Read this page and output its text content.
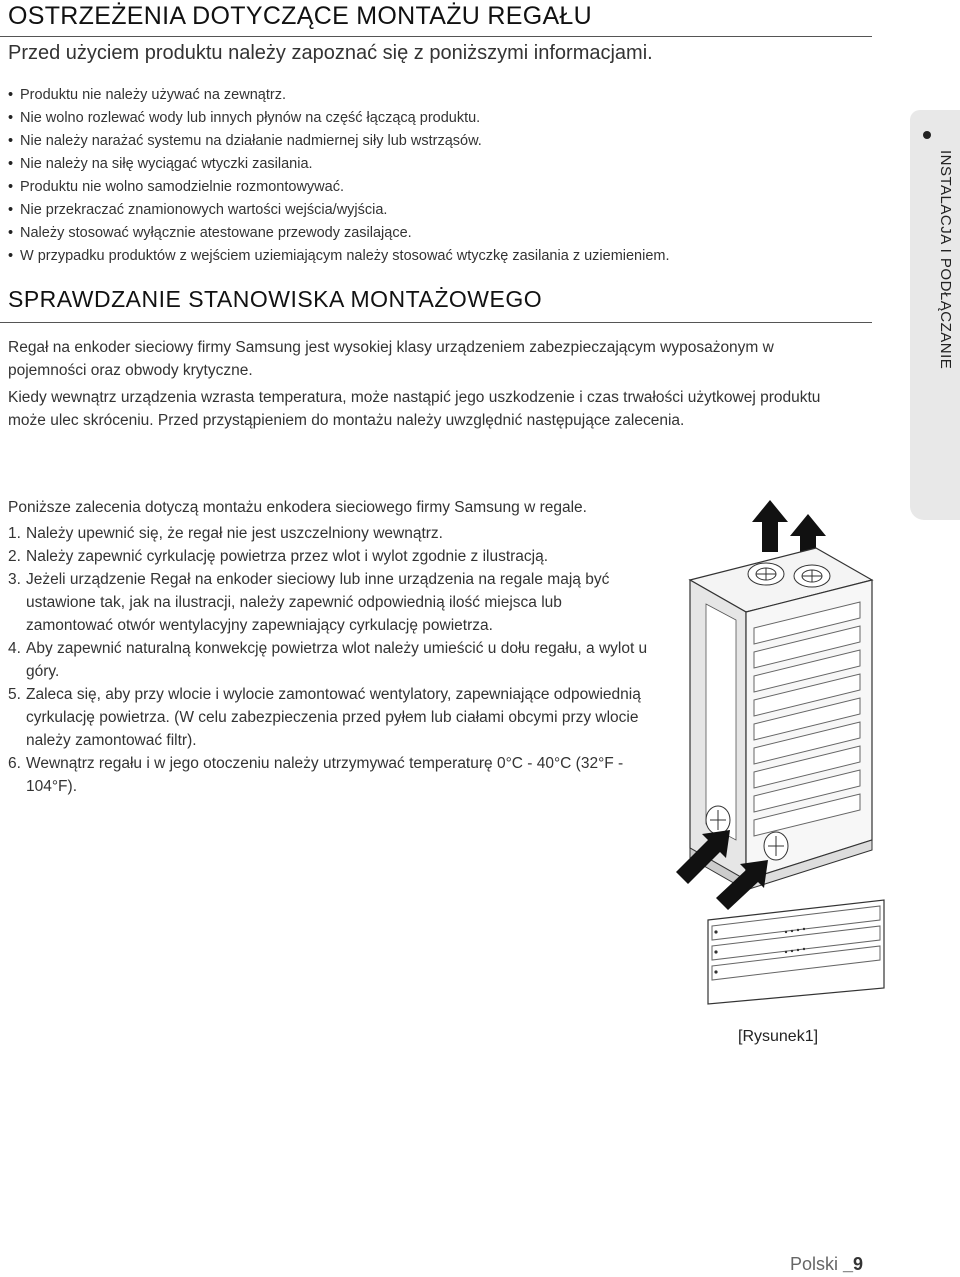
OSTRZEŻENIA DOTYCZĄCE MONTAŻU REGAŁU

Przed użyciem produktu należy zapoznać się z poniższymi informacjami.

• Produktu nie należy używać na zewnątrz.
• Nie wolno rozlewać wody lub innych płynów na część łączącą produktu.
• Nie należy narażać systemu na działanie nadmiernej siły lub wstrząsów.
• Nie należy na siłę wyciągać wtyczki zasilania.
• Produktu nie wolno samodzielnie rozmontowywać.
• Nie przekraczać znamionowych wartości wejścia/wyjścia.
• Należy stosować wyłącznie atestowane przewody zasilające.
• W przypadku produktów z wejściem uziemiającym należy stosować wtyczkę zasilania z uziemieniem.
SPRAWDZANIE STANOWISKA MONTAŻOWEGO

Regał na enkoder sieciowy firmy Samsung jest wysokiej klasy urządzeniem zabezpieczającym wyposażonym w pojemności oraz obwody krytyczne.

Kiedy wewnątrz urządzenia wzrasta temperatura, może nastąpić jego uszkodzenie i czas trwałości użytkowej produktu może ulec skróceniu. Przed przystąpieniem do montażu należy uwzględnić następujące zalecenia.

Poniższe zalecenia dotyczą montażu enkodera sieciowego firmy Samsung w regale.

1. Należy upewnić się, że regał nie jest uszczelniony wewnątrz.
2. Należy zapewnić cyrkulację powietrza przez wlot i wylot zgodnie z ilustracją.
3. Jeżeli urządzenie Regał na enkoder sieciowy lub inne urządzenia na regale mają być ustawione tak, jak na ilustracji, należy zapewnić odpowiednią ilość miejsca lub zamontować otwór wentylacyjny zapewniający cyrkulację powietrza.
4. Aby zapewnić naturalną konwekcję powietrza wlot należy umieścić u dołu regału, a wylot u góry.
5. Zaleca się, aby przy wlocie i wylocie zamontować wentylatory, zapewniające odpowiednią cyrkulację powietrza. (W celu zabezpieczenia przed pyłem lub ciałami obcymi przy wlocie należy zamontować filtr).
6. Wewnątrz regału i w jego otoczeniu należy utrzymywać temperaturę 0°C - 40°C (32°F - 104°F).
INSTALACJA I PODŁĄCZANIE
[Rysunek1]
Polski _9
